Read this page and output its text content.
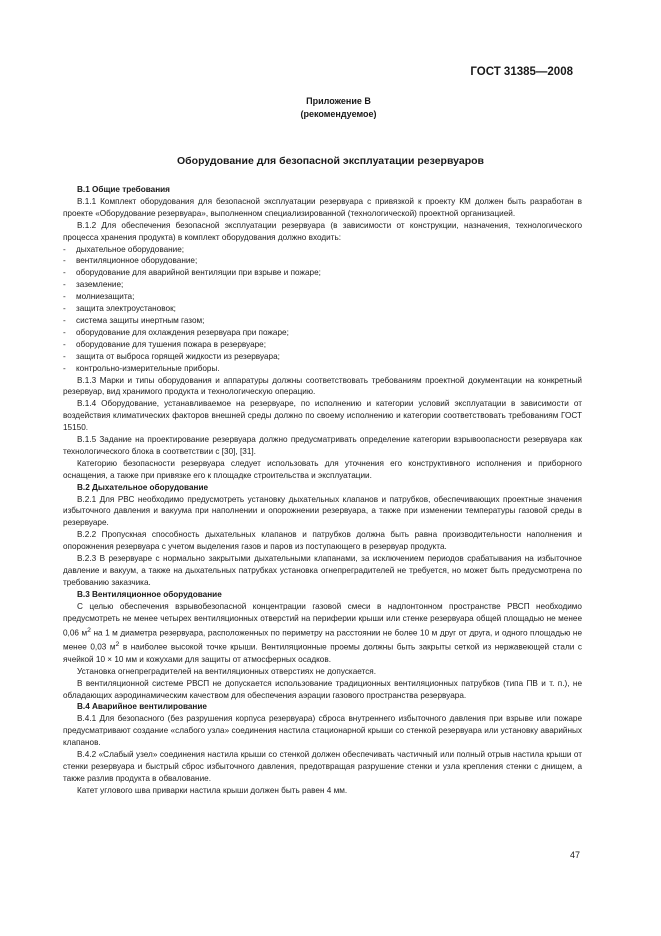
ГОСТ 31385—2008
Приложение В
(рекомендуемое)
Оборудование для безопасной эксплуатации резервуаров

В.1 Общие требования

В.1.1 Комплект оборудования для безопасной эксплуатации резервуара с привязкой к проекту КМ должен быть разработан в проекте «Оборудование резервуара», выполненном специализированной (технологической) проектной организацией.

В.1.2 Для обеспечения безопасной эксплуатации резервуара (в зависимости от конструкции, назначения, технологического процесса хранения продукта) в комплект оборудования должно входить:

- дыхательное оборудование;
- вентиляционное оборудование;
- оборудование для аварийной вентиляции при взрыве и пожаре;
- заземление;
- молниезащита;
- защита электроустановок;
- система защиты инертным газом;
- оборудование для охлаждения резервуара при пожаре;
- оборудование для тушения пожара в резервуаре;
- защита от выброса горящей жидкости из резервуара;
- контрольно-измерительные приборы.

В.1.3 Марки и типы оборудования и аппаратуры должны соответствовать требованиям проектной документации на конкретный резервуар, вид хранимого продукта и технологическую операцию.

В.1.4 Оборудование, устанавливаемое на резервуаре, по исполнению и категории условий эксплуатации в зависимости от воздействия климатических факторов внешней среды должно по своему исполнению и категории соответствовать требованиям ГОСТ 15150.

В.1.5 Задание на проектирование резервуара должно предусматривать определение категории взрывоопасности резервуара как технологического блока в соответствии с [30], [31].

Категорию безопасности резервуара следует использовать для уточнения его конструктивного исполнения и приборного оснащения, а также при привязке его к площадке строительства и эксплуатации.

В.2 Дыхательное оборудование

В.2.1 Для РВС необходимо предусмотреть установку дыхательных клапанов и патрубков, обеспечивающих проектные значения избыточного давления и вакуума при наполнении и опорожнении резервуара, а также при изменении температуры газовой среды в резервуаре.

В.2.2 Пропускная способность дыхательных клапанов и патрубков должна быть равна производительности наполнения и опорожнения резервуара с учетом выделения газов и паров из поступающего в резервуар продукта.

В.2.3 В резервуаре с нормально закрытыми дыхательными клапанами, за исключением периодов срабатывания на избыточное давление и вакуум, а также на дыхательных патрубках установка огнепреградителей не требуется, но может быть предусмотрена по требованию заказчика.

В.3 Вентиляционное оборудование

С целью обеспечения взрывобезопасной концентрации газовой смеси в надпонтонном пространстве РВСП необходимо предусмотреть не менее четырех вентиляционных отверстий на периферии крыши или стенке резервуара общей площадью не менее 0,06 $м^2$ на 1 м диаметра резервуара, расположенных по периметру на расстоянии не более 10 м друг от друга, и одного площадью не менее 0,03 $м^2$ в наиболее высокой точке крыши. Вентиляционные проемы должны быть закрыты сеткой из нержавеющей стали с ячейкой 10 × 10 мм и кожухами для защиты от атмосферных осадков.

Установка огнепреградителей на вентиляционных отверстиях не допускается.

В вентиляционной системе РВСП не допускается использование традиционных вентиляционных патрубков (типа ПВ и т. п.), не обладающих аэродинамическим качеством для обеспечения аэрации газового пространства резервуара.

В.4 Аварийное вентилирование

В.4.1 Для безопасного (без разрушения корпуса резервуара) сброса внутреннего избыточного давления при взрыве или пожаре предусматривают создание «слабого узла» соединения настила стационарной крыши со стенкой резервуара или установку аварийных клапанов.

В.4.2 «Слабый узел» соединения настила крыши со стенкой должен обеспечивать частичный или полный отрыв настила крыши от стенки резервуара и быстрый сброс избыточного давления, предотвращая разрушение стенки и узла крепления стенки с днищем, а также разлив продукта в обвалование.

Катет углового шва приварки настила крыши должен быть равен 4 мм.

47
